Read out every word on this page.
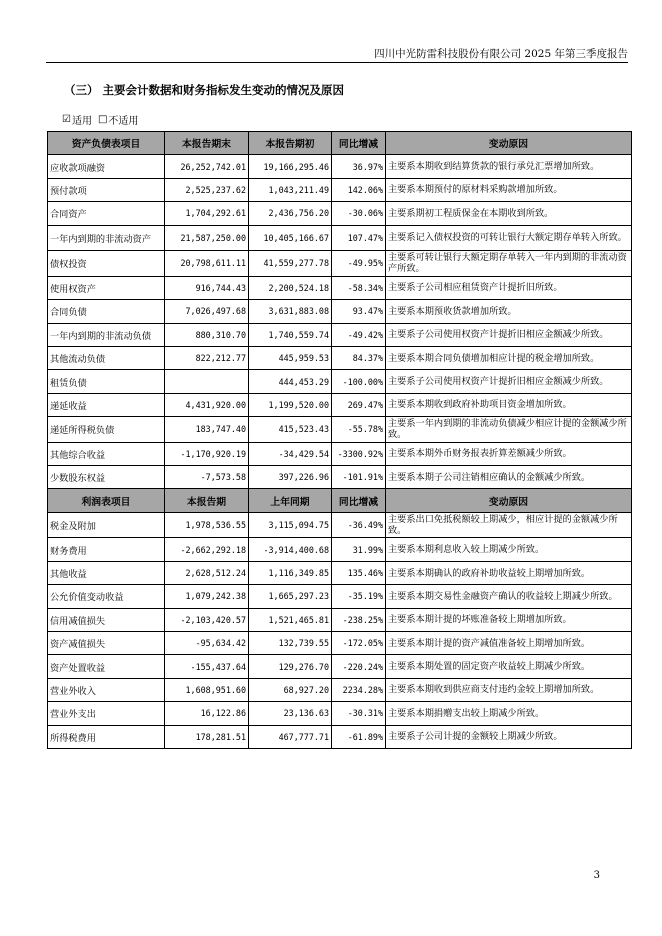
四川中光防雷科技股份有限公司 2025 年第三季度报告
（三） 主要会计数据和财务指标发生变动的情况及原因
☑ 适用 □ 不适用
资产负债表项目	本报告期末	本报告期初	同比增减	变动原因
应收款项融资	26,252,742.01	19,166,295.46	36.97%	主要系本期收到结算货款的银行承兑汇票增加所致。
预付款项	2,525,237.62	1,043,211.49	142.06%	主要系本期预付的原材料采购款增加所致。
合同资产	1,704,292.61	2,436,756.20	-30.06%	主要系期初工程质保金在本期收到所致。
一年内到期的非流动资产	21,587,250.00	10,405,166.67	107.47%	主要系记入债权投资的可转让银行大额定期存单转入所致。
债权投资	20,798,611.11	41,559,277.78	-49.95%	主要系可转让银行大额定期存单转入一年内到期的非流动资产所致。
使用权资产	916,744.43	2,200,524.18	-58.34%	主要系子公司相应租赁资产计提折旧所致。
合同负债	7,026,497.68	3,631,883.08	93.47%	主要系本期预收货款增加所致。
一年内到期的非流动负债	880,310.70	1,740,559.74	-49.42%	主要系子公司使用权资产计提折旧相应金额减少所致。
其他流动负债	822,212.77	445,959.53	84.37%	主要系本期合同负债增加相应计提的税金增加所致。
租赁负债		444,453.29	-100.00%	主要系子公司使用权资产计提折旧相应金额减少所致。
递延收益	4,431,920.00	1,199,520.00	269.47%	主要系本期收到政府补助项目资金增加所致。
递延所得税负债	183,747.40	415,523.43	-55.78%	主要系一年内到期的非流动负债减少相应计提的金额减少所致。
其他综合收益	-1,170,920.19	-34,429.54	-3300.92%	主要系本期外币财务报表折算差额减少所致。
少数股东权益	-7,573.58	397,226.96	-101.91%	主要系本期子公司注销相应确认的金额减少所致。
利润表项目	本报告期	上年同期	同比增减	变动原因
税金及附加	1,978,536.55	3,115,094.75	-36.49%	主要系出口免抵税额较上期减少，相应计提的金额减少所致。
财务费用	-2,662,292.18	-3,914,400.68	31.99%	主要系本期利息收入较上期减少所致。
其他收益	2,628,512.24	1,116,349.85	135.46%	主要系本期确认的政府补助收益较上期增加所致。
公允价值变动收益	1,079,242.38	1,665,297.23	-35.19%	主要系本期交易性金融资产确认的收益较上期减少所致。
信用减值损失	-2,103,420.57	1,521,465.81	-238.25%	主要系本期计提的坏账准备较上期增加所致。
资产减值损失	-95,634.42	132,739.55	-172.05%	主要系本期计提的资产减值准备较上期增加所致。
资产处置收益	-155,437.64	129,276.70	-220.24%	主要系本期处置的固定资产收益较上期减少所致。
营业外收入	1,608,951.60	68,927.20	2234.28%	主要系本期收到供应商支付违约金较上期增加所致。
营业外支出	16,122.86	23,136.63	-30.31%	主要系本期捐赠支出较上期减少所致。
所得税费用	178,281.51	467,777.71	-61.89%	主要系子公司计提的金额较上期减少所致。
3
